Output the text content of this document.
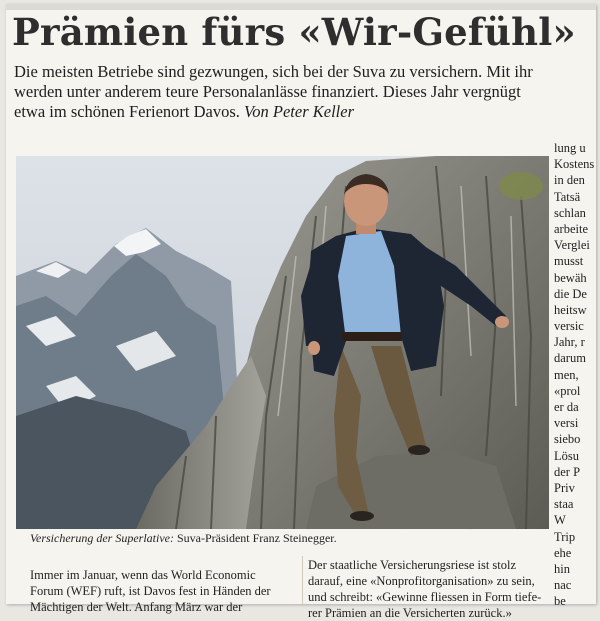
Prämien fürs «Wir-Gefühl»
Die meisten Betriebe sind gezwungen, sich bei der Suva zu versichern. Mit ihr
werden unter anderem teure Personalanlässe finanziert. Dieses Jahr vergnügt
etwa im schönen Ferienort Davos. Von Peter Keller
Versicherung der Superlative: Suva-Präsident Franz Steinegger.
Immer im Januar, wenn das World Economic
Forum (WEF) ruft, ist Davos fest in Händen der
Mächtigen der Welt. Anfang März war der
Der staatliche Versicherungsriese ist stolz
darauf, eine «Nonprofitorganisation» zu sein,
und schreibt: «Gewinne fliessen in Form tiefe-
rer Prämien an die Versicherten zurück.»
lung u
Kostens
in den
Tatsä
schlan
arbeite
Verglei
musst
bewäh
die De
heitsw
versic
Jahr, r
darum
men,
«prol
er da
versi
siebo
Lösu
der P
Priv
staa
W
Trip
ehe
hin
nac
be
